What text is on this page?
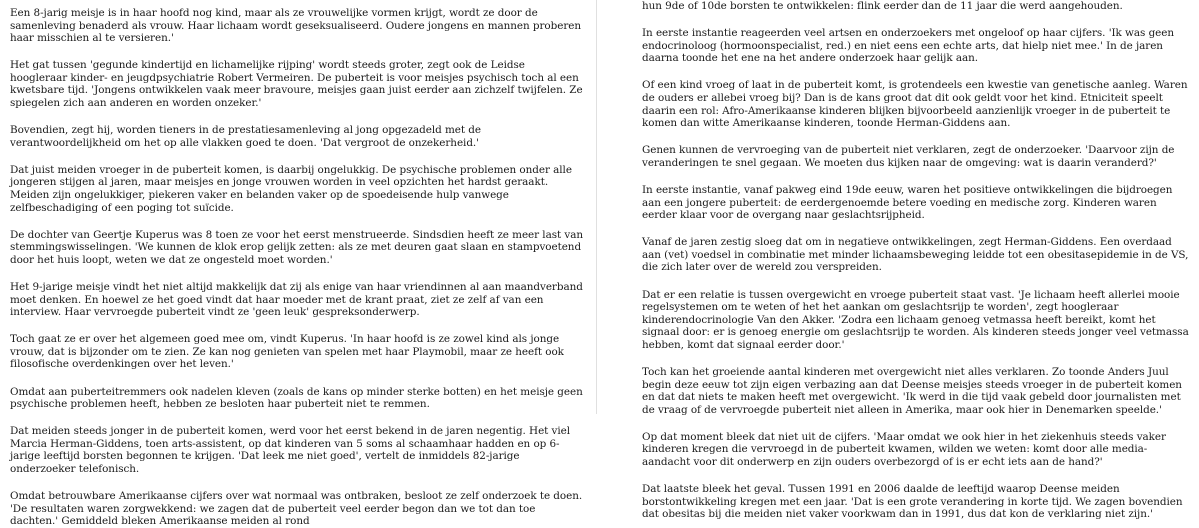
Een 8-jarig meisje is in haar hoofd nog kind, maar als ze vrouwelijke vormen krijgt, wordt ze door de samenleving benaderd als vrouw. Haar lichaam wordt geseksualiseerd. Oudere jongens en mannen proberen haar misschien al te versieren.'

Het gat tussen 'gegunde kindertijd en lichamelijke rijping' wordt steeds groter, zegt ook de Leidse hoogleraar kinder- en jeugdpsychiatrie Robert Vermeiren. De puberteit is voor meisjes psychisch toch al een kwetsbare tijd. 'Jongens ontwikkelen vaak meer bravoure, meisjes gaan juist eerder aan zichzelf twijfelen. Ze spiegelen zich aan anderen en worden onzeker.'

Bovendien, zegt hij, worden tieners in de prestatiesamenleving al jong opgezadeld met de verantwoordelijkheid om het op alle vlakken goed te doen. 'Dat vergroot de onzekerheid.'

Dat juist meiden vroeger in de puberteit komen, is daarbij ongelukkig. De psychische problemen onder alle jongeren stijgen al jaren, maar meisjes en jonge vrouwen worden in veel opzichten het hardst geraakt. Meiden zijn ongelukkiger, piekeren vaker en belanden vaker op de spoedeisende hulp vanwege zelfbeschadiging of een poging tot suïcide.

De dochter van Geertje Kuperus was 8 toen ze voor het eerst menstrueerde. Sindsdien heeft ze meer last van stemmingswisselingen. 'We kunnen de klok erop gelijk zetten: als ze met deuren gaat slaan en stampvoetend door het huis loopt, weten we dat ze ongesteld moet worden.'

Het 9-jarige meisje vindt het niet altijd makkelijk dat zij als enige van haar vriendinnen al aan maandverband moet denken. En hoewel ze het goed vindt dat haar moeder met de krant praat, ziet ze zelf af van een interview. Haar vervroegde puberteit vindt ze 'geen leuk' gespreksonderwerp.

Toch gaat ze er over het algemeen goed mee om, vindt Kuperus. 'In haar hoofd is ze zowel kind als jonge vrouw, dat is bijzonder om te zien. Ze kan nog genieten van spelen met haar Playmobil, maar ze heeft ook filosofische overdenkingen over het leven.'

Omdat aan puberteitremmers ook nadelen kleven (zoals de kans op minder sterke botten) en het meisje geen psychische problemen heeft, hebben ze besloten haar puberteit niet te remmen.

Dat meiden steeds jonger in de puberteit komen, werd voor het eerst bekend in de jaren negentig. Het viel Marcia Herman-Giddens, toen arts-assistent, op dat kinderen van 5 soms al schaamhaar hadden en op 6-jarige leeftijd borsten begonnen te krijgen. 'Dat leek me niet goed', vertelt de inmiddels 82-jarige onderzoeker telefonisch.

Omdat betrouwbare Amerikaanse cijfers over wat normaal was ontbraken, besloot ze zelf onderzoek te doen. 'De resultaten waren zorgwekkend: we zagen dat de puberteit veel eerder begon dan we tot dan toe dachten.' Gemiddeld bleken Amerikaanse meiden al rond

hun 9de of 10de borsten te ontwikkelen: flink eerder dan de 11 jaar die werd aangehouden.

In eerste instantie reageerden veel artsen en onderzoekers met ongeloof op haar cijfers. 'Ik was geen endocrinoloog (hormoonspecialist, red.) en niet eens een echte arts, dat hielp niet mee.' In de jaren daarna toonde het ene na het andere onderzoek haar gelijk aan.

Of een kind vroeg of laat in de puberteit komt, is grotendeels een kwestie van genetische aanleg. Waren de ouders er allebei vroeg bij? Dan is de kans groot dat dit ook geldt voor het kind. Etniciteit speelt daarin een rol: Afro-Amerikaanse kinderen blijken bijvoorbeeld aanzienlijk vroeger in de puberteit te komen dan witte Amerikaanse kinderen, toonde Herman-Giddens aan.

Genen kunnen de vervroeging van de puberteit niet verklaren, zegt de onderzoeker. 'Daarvoor zijn de veranderingen te snel gegaan. We moeten dus kijken naar de omgeving: wat is daarin veranderd?'

In eerste instantie, vanaf pakweg eind 19de eeuw, waren het positieve ontwikkelingen die bijdroegen aan een jongere puberteit: de eerdergenoemde betere voeding en medische zorg. Kinderen waren eerder klaar voor de overgang naar geslachtsrijpheid.

Vanaf de jaren zestig sloeg dat om in negatieve ontwikkelingen, zegt Herman-Giddens. Een overdaad aan (vet) voedsel in combinatie met minder lichaamsbeweging leidde tot een obesitasepidemie in de VS, die zich later over de wereld zou verspreiden.

Dat er een relatie is tussen overgewicht en vroege puberteit staat vast. 'Je lichaam heeft allerlei mooie regelsystemen om te weten of het het aankan om geslachtsrijp te worden', zegt hoogleraar kinderendocrinologie Van den Akker. 'Zodra een lichaam genoeg vetmassa heeft bereikt, komt het signaal door: er is genoeg energie om geslachtsrijp te worden. Als kinderen steeds jonger veel vetmassa hebben, komt dat signaal eerder door.'

Toch kan het groeiende aantal kinderen met overgewicht niet alles verklaren. Zo toonde Anders Juul begin deze eeuw tot zijn eigen verbazing aan dat Deense meisjes steeds vroeger in de puberteit komen en dat dat niets te maken heeft met overgewicht. 'Ik werd in die tijd vaak gebeld door journalisten met de vraag of de vervroegde puberteit niet alleen in Amerika, maar ook hier in Denemarken speelde.'

Op dat moment bleek dat niet uit de cijfers. 'Maar omdat we ook hier in het ziekenhuis steeds vaker kinderen kregen die vervroegd in de puberteit kwamen, wilden we weten: komt door alle media-aandacht voor dit onderwerp en zijn ouders overbezorgd of is er echt iets aan de hand?'

Dat laatste bleek het geval. Tussen 1991 en 2006 daalde de leeftijd waarop Deense meiden borstontwikkeling kregen met een jaar. 'Dat is een grote verandering in korte tijd. We zagen bovendien dat obesitas bij die meiden niet vaker voorkwam dan in 1991, dus dat kon de verklaring niet zijn.'
